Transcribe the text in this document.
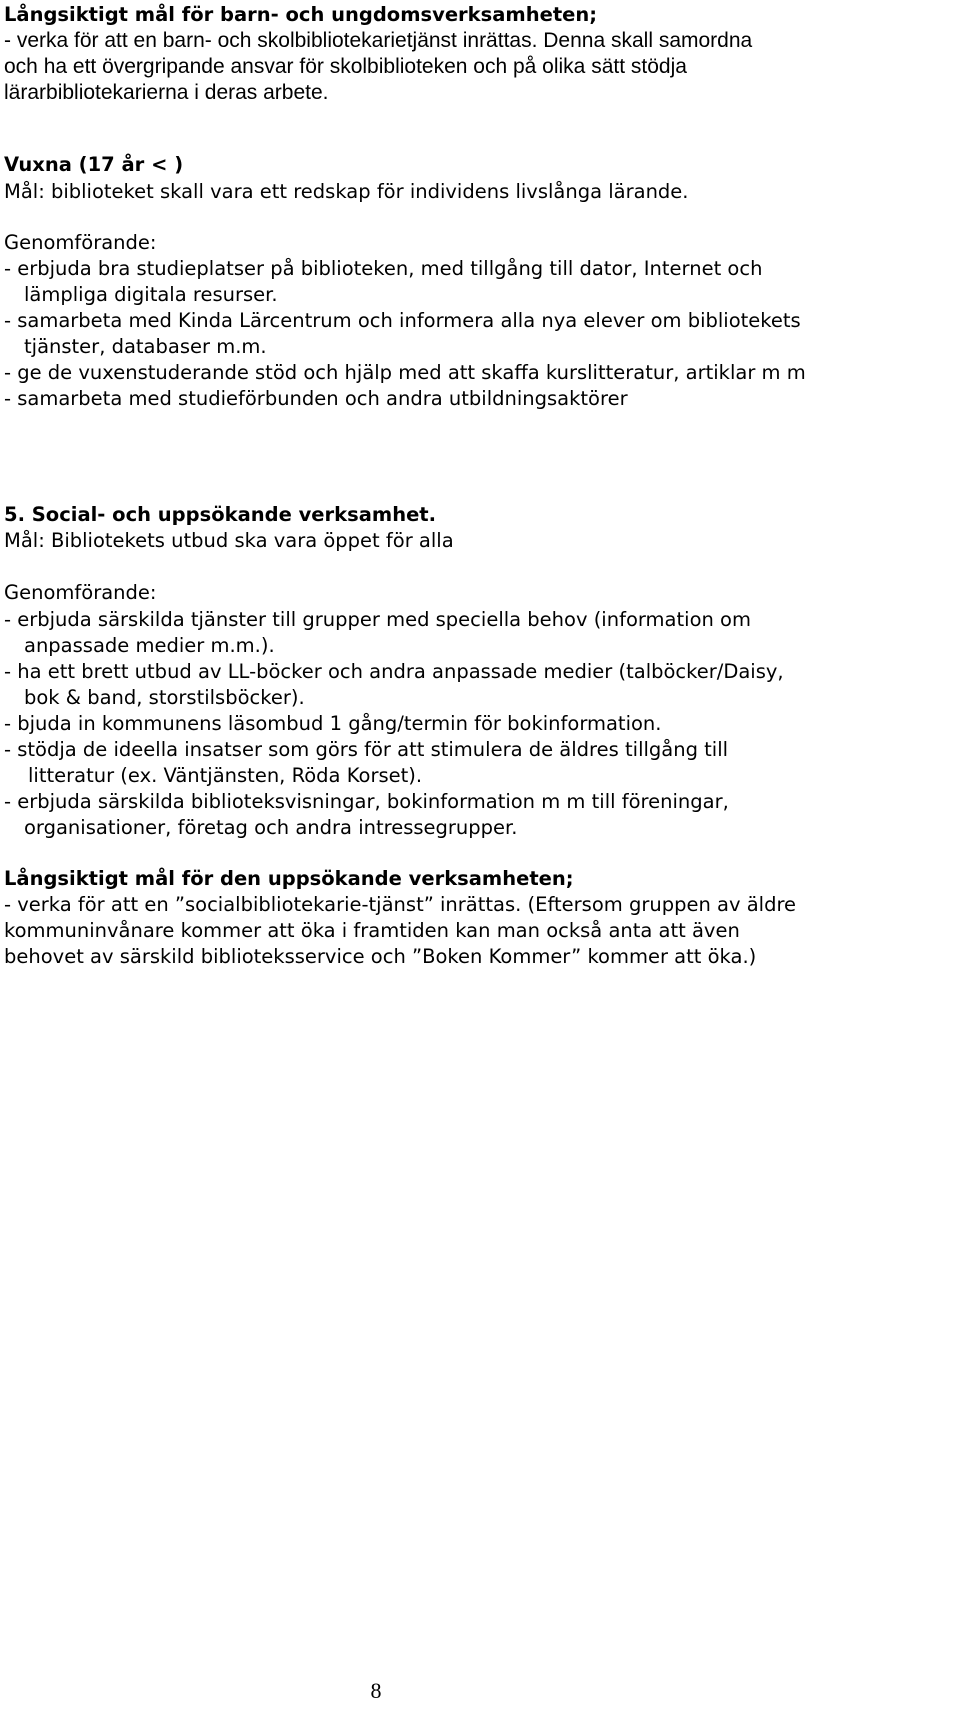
Långsiktigt mål för barn- och ungdomsverksamheten;
- verka för att en barn- och skolbibliotekarietjänst inrättas. Denna skall samordna
och ha ett övergripande ansvar för skolbiblioteken och på olika sätt stödja
lärarbibliotekarierna i deras arbete.
Vuxna (17 år < )
Mål: biblioteket skall vara ett redskap för individens livslånga lärande.
Genomförande:
- erbjuda bra studieplatser på biblioteken, med tillgång till dator, Internet och
lämpliga digitala resurser.
- samarbeta med Kinda Lärcentrum och informera alla nya elever om bibliotekets
tjänster, databaser m.m.
- ge de vuxenstuderande stöd och hjälp med att skaffa kurslitteratur, artiklar m m
- samarbeta med studieförbunden och andra utbildningsaktörer
5. Social- och uppsökande verksamhet.
Mål: Bibliotekets utbud ska vara öppet för alla
Genomförande:
- erbjuda särskilda tjänster till grupper med speciella behov (information om
anpassade medier m.m.).
- ha ett brett utbud av LL-böcker och andra anpassade medier (talböcker/Daisy,
bok & band, storstilsböcker).
- bjuda in kommunens läsombud 1 gång/termin för bokinformation.
- stödja de ideella insatser som görs för att stimulera de äldres tillgång till
litteratur (ex. Väntjänsten, Röda Korset).
- erbjuda särskilda biblioteksvisningar, bokinformation m m till föreningar,
organisationer, företag och andra intressegrupper.
Långsiktigt mål för den uppsökande verksamheten;
- verka för att en ”socialbibliotekarie-tjänst” inrättas. (Eftersom gruppen av äldre
kommuninvånare kommer att öka i framtiden kan man också anta att även
behovet av särskild biblioteksservice och ”Boken Kommer” kommer att öka.)
8
